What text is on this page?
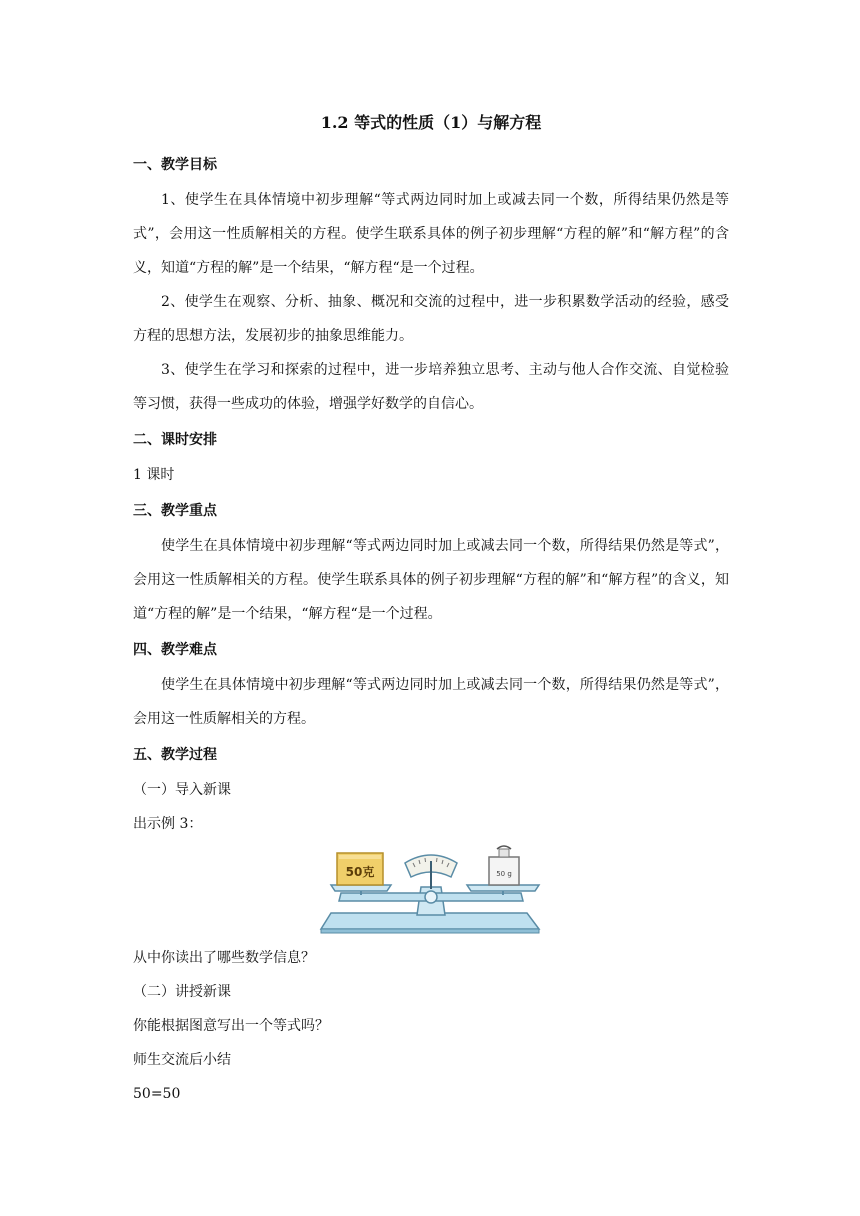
1.2 等式的性质（1）与解方程
一、教学目标

1、使学生在具体情境中初步理解“等式两边同时加上或减去同一个数，所得结果仍然是等式”，会用这一性质解相关的方程。使学生联系具体的例子初步理解“方程的解”和“解方程”的含义，知道“方程的解”是一个结果，“解方程“是一个过程。

2、使学生在观察、分析、抽象、概况和交流的过程中，进一步积累数学活动的经验，感受方程的思想方法，发展初步的抽象思维能力。

3、使学生在学习和探索的过程中，进一步培养独立思考、主动与他人合作交流、自觉检验等习惯，获得一些成功的体验，增强学好数学的自信心。

二、课时安排

1 课时

三、教学重点

使学生在具体情境中初步理解“等式两边同时加上或减去同一个数，所得结果仍然是等式”，会用这一性质解相关的方程。使学生联系具体的例子初步理解“方程的解”和“解方程”的含义，知道“方程的解”是一个结果，“解方程“是一个过程。

四、教学难点

使学生在具体情境中初步理解“等式两边同时加上或减去同一个数，所得结果仍然是等式”，会用这一性质解相关的方程。

五、教学过程

（一）导入新课

出示例 3：

50克	50 g

从中你读出了哪些数学信息？

（二）讲授新课

你能根据图意写出一个等式吗？

师生交流后小结

50=50
